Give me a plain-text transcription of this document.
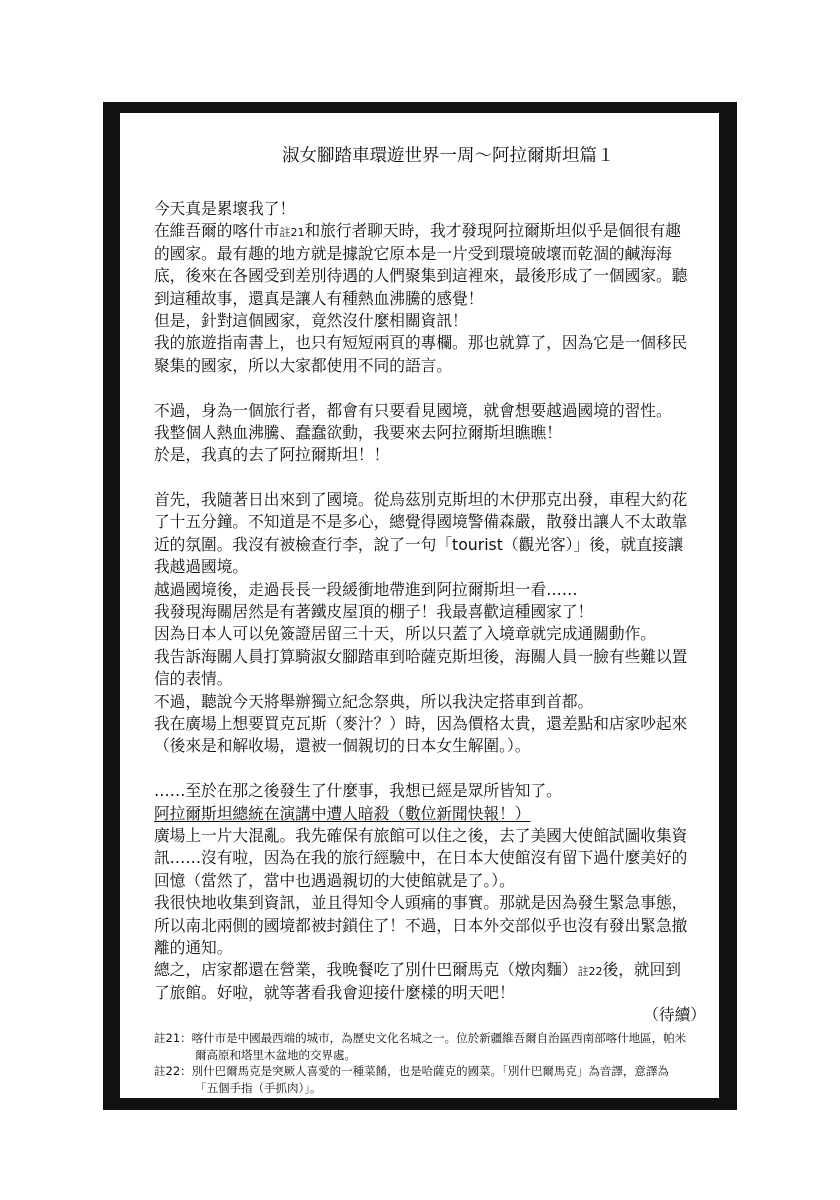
淑女腳踏車環遊世界一周～阿拉爾斯坦篇１
今天真是累壞我了！
在維吾爾的喀什市註21和旅行者聊天時，我才發現阿拉爾斯坦似乎是個很有趣
的國家。最有趣的地方就是據說它原本是一片受到環境破壞而乾涸的鹹海海
底，後來在各國受到差別待遇的人們聚集到這裡來，最後形成了一個國家。聽
到這種故事，還真是讓人有種熱血沸騰的感覺！
但是，針對這個國家，竟然沒什麼相關資訊！
我的旅遊指南書上，也只有短短兩頁的專欄。那也就算了，因為它是一個移民
聚集的國家，所以大家都使用不同的語言。
不過，身為一個旅行者，都會有只要看見國境，就會想要越過國境的習性。
我整個人熱血沸騰、蠢蠢欲動，我要來去阿拉爾斯坦瞧瞧！
於是，我真的去了阿拉爾斯坦！！
首先，我隨著日出來到了國境。從烏茲別克斯坦的木伊那克出發，車程大約花
了十五分鐘。不知道是不是多心，總覺得國境警備森嚴，散發出讓人不太敢靠
近的氛圍。我沒有被檢查行李，說了一句「tourist（觀光客）」後，就直接讓
我越過國境。
越過國境後，走過長長一段緩衝地帶進到阿拉爾斯坦一看……
我發現海關居然是有著鐵皮屋頂的棚子！我最喜歡這種國家了！
因為日本人可以免簽證居留三十天，所以只蓋了入境章就完成通關動作。
我告訴海關人員打算騎淑女腳踏車到哈薩克斯坦後，海關人員一臉有些難以置
信的表情。
不過，聽說今天將舉辦獨立紀念祭典，所以我決定搭車到首都。
我在廣場上想要買克瓦斯（麥汁？）時，因為價格太貴，還差點和店家吵起來
（後來是和解收場，還被一個親切的日本女生解圍。）。
……至於在那之後發生了什麼事，我想已經是眾所皆知了。
阿拉爾斯坦總統在演講中遭人暗殺（數位新聞快報！）
廣場上一片大混亂。我先確保有旅館可以住之後，去了美國大使館試圖收集資
訊……沒有啦，因為在我的旅行經驗中，在日本大使館沒有留下過什麼美好的
回憶（當然了，當中也遇過親切的大使館就是了。）。
我很快地收集到資訊，並且得知令人頭痛的事實。那就是因為發生緊急事態，
所以南北兩側的國境都被封鎖住了！不過，日本外交部似乎也沒有發出緊急撤
離的通知。
總之，店家都還在營業，我晚餐吃了別什巴爾馬克（燉肉麵）註22後，就回到
了旅館。好啦，就等著看我會迎接什麼樣的明天吧！
（待續）
註21：喀什市是中國最西端的城市，為歷史文化名城之一。位於新疆維吾爾自治區西南部喀什地區，帕米
爾高原和塔里木盆地的交界處。
註22：別什巴爾馬克是突厥人喜愛的一種菜餚，也是哈薩克的國菜。「別什巴爾馬克」為音譯，意譯為
「五個手指（手抓肉）」。
